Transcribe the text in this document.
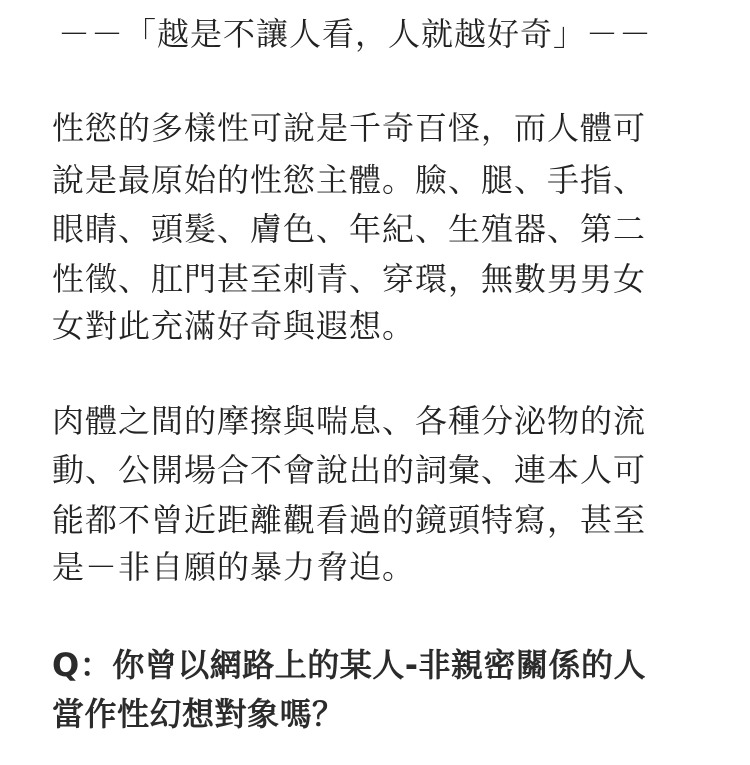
－－「越是不讓人看，人就越好奇」－－
性慾的多樣性可說是千奇百怪，而人體可
說是最原始的性慾主體。臉、腿、手指、
眼睛、頭髮、膚色、年紀、生殖器、第二
性徵、肛門甚至刺青、穿環，無數男男女
女對此充滿好奇與遐想。
肉體之間的摩擦與喘息、各種分泌物的流
動、公開場合不會說出的詞彙、連本人可
能都不曾近距離觀看過的鏡頭特寫，甚至
是－非自願的暴力脅迫。
Q：你曾以網路上的某人-非親密關係的人
當作性幻想對象嗎？
